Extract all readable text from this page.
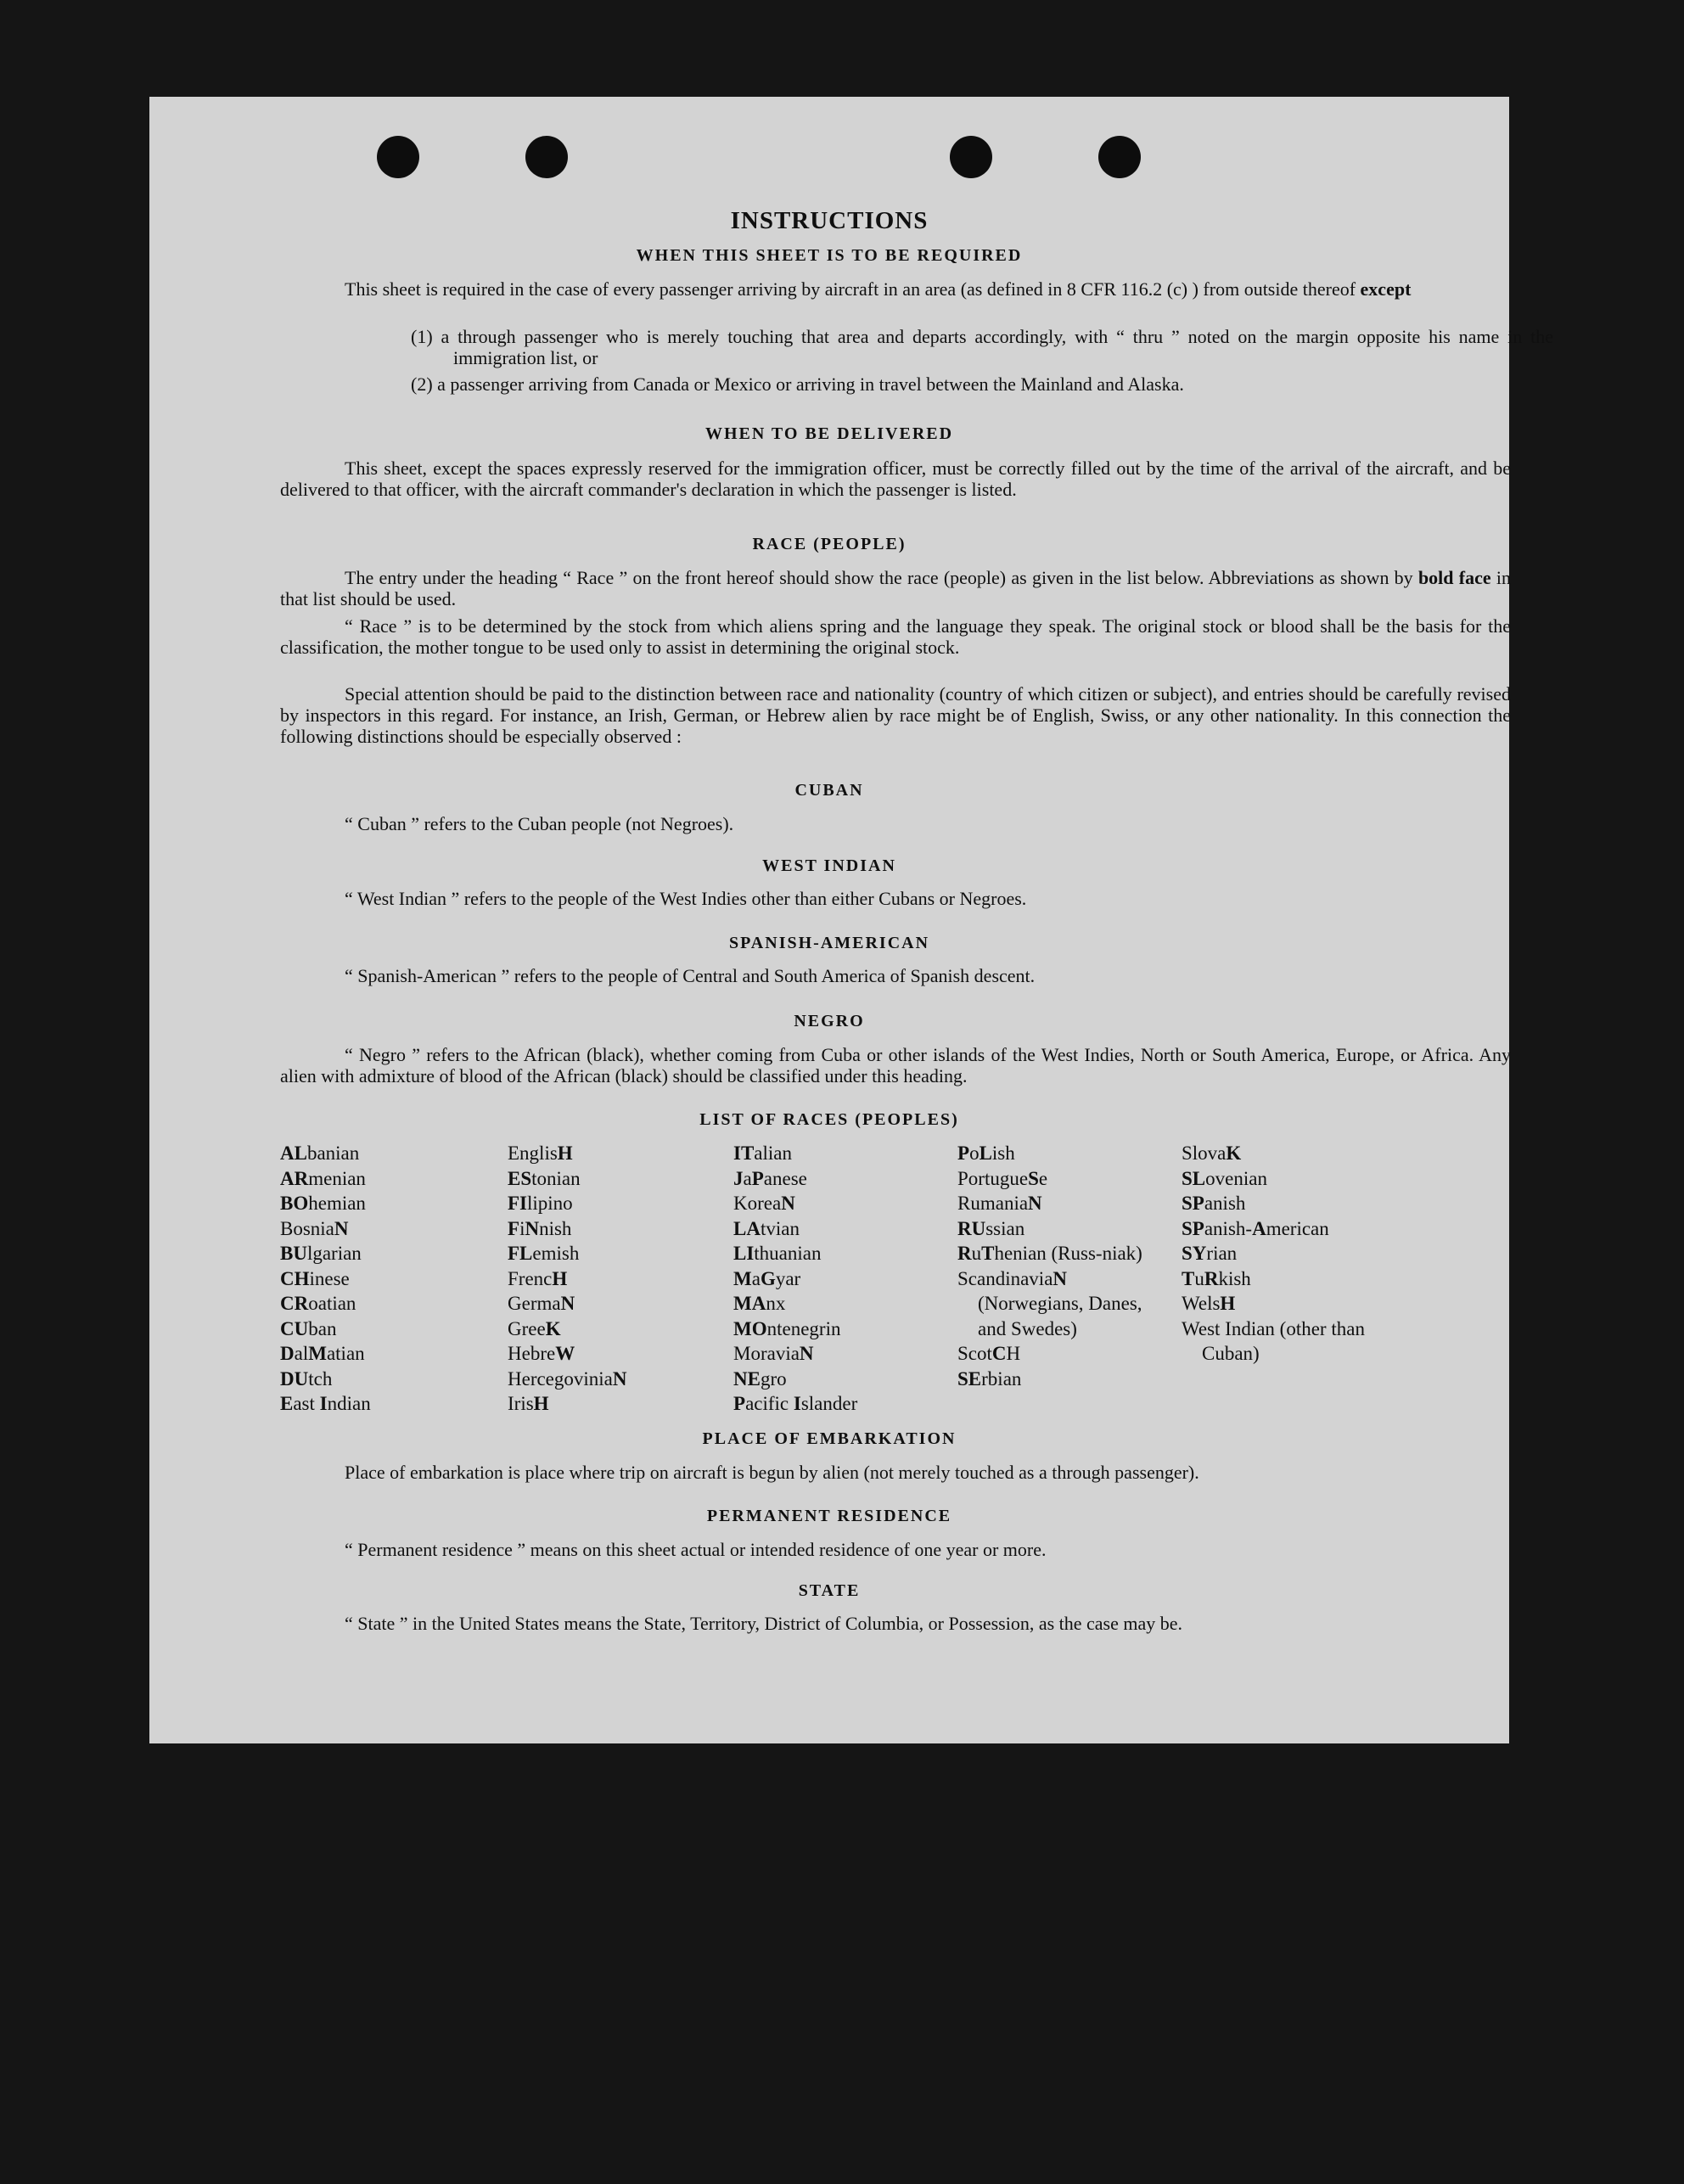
INSTRUCTIONS
WHEN THIS SHEET IS TO BE REQUIRED
This sheet is required in the case of every passenger arriving by aircraft in an area (as defined in 8 CFR 116.2 (c) ) from outside thereof except
(1) a through passenger who is merely touching that area and departs accordingly, with “ thru ” noted on the margin opposite his name in the immigration list, or
(2) a passenger arriving from Canada or Mexico or arriving in travel between the Mainland and Alaska.
WHEN TO BE DELIVERED
This sheet, except the spaces expressly reserved for the immigration officer, must be correctly filled out by the time of the arrival of the aircraft, and be delivered to that officer, with the aircraft commander's declaration in which the passenger is listed.
RACE (PEOPLE)
The entry under the heading “ Race ” on the front hereof should show the race (people) as given in the list below. Abbreviations as shown by bold face in that list should be used.
“ Race ” is to be determined by the stock from which aliens spring and the language they speak. The original stock or blood shall be the basis for the classification, the mother tongue to be used only to assist in determining the original stock.
Special attention should be paid to the distinction between race and nationality (country of which citizen or subject), and entries should be carefully revised by inspectors in this regard. For instance, an Irish, German, or Hebrew alien by race might be of English, Swiss, or any other nationality. In this connection the following distinctions should be especially observed :
CUBAN
“ Cuban ” refers to the Cuban people (not Negroes).
WEST INDIAN
“ West Indian ” refers to the people of the West Indies other than either Cubans or Negroes.
SPANISH-AMERICAN
“ Spanish-American ” refers to the people of Central and South America of Spanish descent.
NEGRO
“ Negro ” refers to the African (black), whether coming from Cuba or other islands of the West Indies, North or South America, Europe, or Africa. Any alien with admixture of blood of the African (black) should be classified under this heading.
LIST OF RACES (PEOPLES)
ALbanian
ARmenian
BOhemian
BosniaN
BUlgarian
CHinese
CRoatian
CUban
DalMatian
DUtch
East Indian
EnglisH
EStonian
FIlipino
FiNnish
FLemish
FrencH
GermaN
GreeK
HebreW
HercegoviniaN
IrisH
ITalian
JaPanese
KoreaN
LAtvian
LIthuanian
MaGyar
MAnx
MOntenegrin
MoraviaN
NEgro
Pacific Islander
PoLish
PortugueSe
RumaniaN
RUssian
RuThenian (Russ-niak)
ScandinaviaN (Norwegians, Danes, and Swedes)
ScotCH
SErbian
SlovaK
SLovenian
SPanish
SPanish-American
SYrian
TuRkish
WelsH
West Indian (other than Cuban)
PLACE OF EMBARKATION
Place of embarkation is place where trip on aircraft is begun by alien (not merely touched as a through passenger).
PERMANENT RESIDENCE
“ Permanent residence ” means on this sheet actual or intended residence of one year or more.
STATE
“ State ” in the United States means the State, Territory, District of Columbia, or Possession, as the case may be.
